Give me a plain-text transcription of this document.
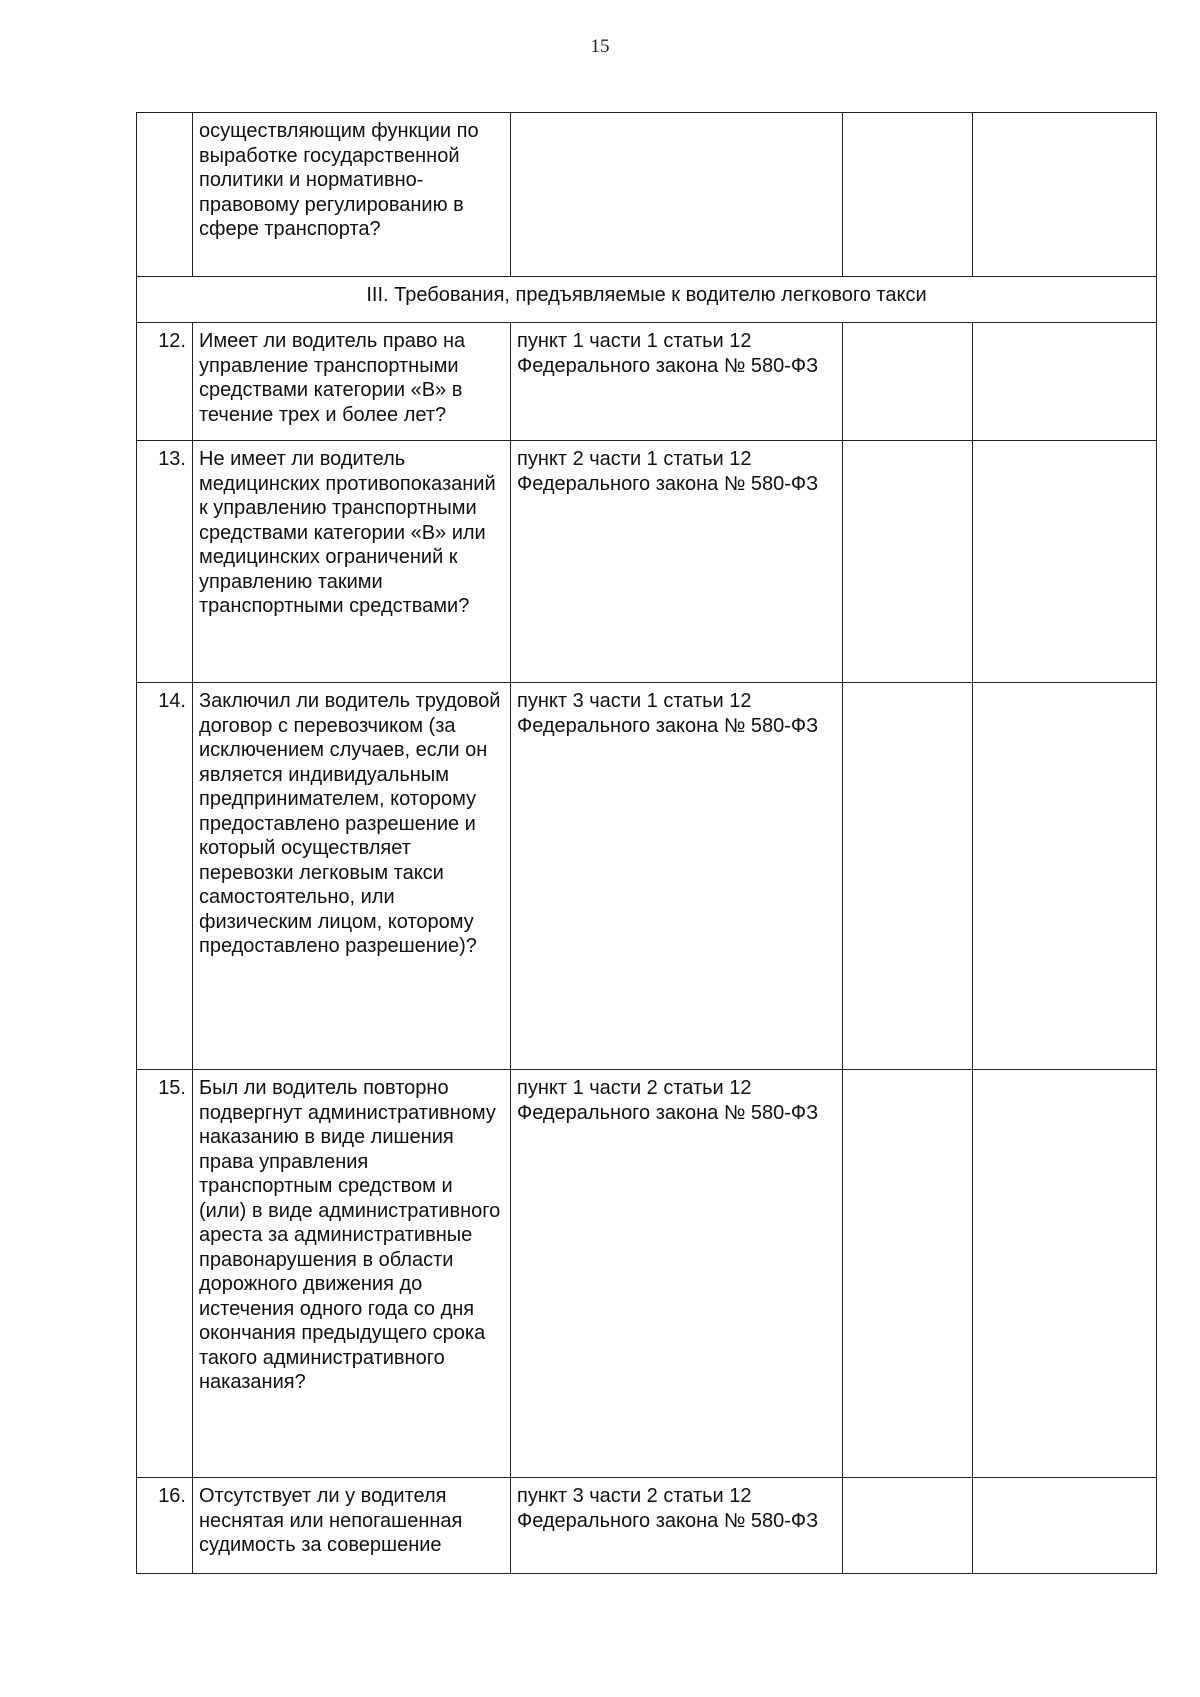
15
	осуществляющим функции по выработке государственной политики и нормативно-правовому регулированию в сфере транспорта?			
III. Требования, предъявляемые к водителю легкового такси				
12.	Имеет ли водитель право на управление транспортными средствами категории «В» в течение трех и более лет?	пункт 1 части 1 статьи 12 Федерального закона № 580-ФЗ		
13.	Не имеет ли водитель медицинских противопоказаний к управлению транспортными средствами категории «В» или медицинских ограничений к управлению такими транспортными средствами?	пункт 2 части 1 статьи 12 Федерального закона № 580-ФЗ		
14.	Заключил ли водитель трудовой договор с перевозчиком (за исключением случаев, если он является индивидуальным предпринимателем, которому предоставлено разрешение и который осуществляет перевозки легковым такси самостоятельно, или физическим лицом, которому предоставлено разрешение)?	пункт 3 части 1 статьи 12 Федерального закона № 580-ФЗ		
15.	Был ли водитель повторно подвергнут административному наказанию в виде лишения права управления транспортным средством и (или) в виде административного ареста за административные правонарушения в области дорожного движения до истечения одного года со дня окончания предыдущего срока такого административного наказания?	пункт 1 части 2 статьи 12 Федерального закона № 580-ФЗ		
16.	Отсутствует ли у водителя неснятая или непогашенная судимость за совершение	пункт 3 части 2 статьи 12 Федерального закона № 580-ФЗ		
